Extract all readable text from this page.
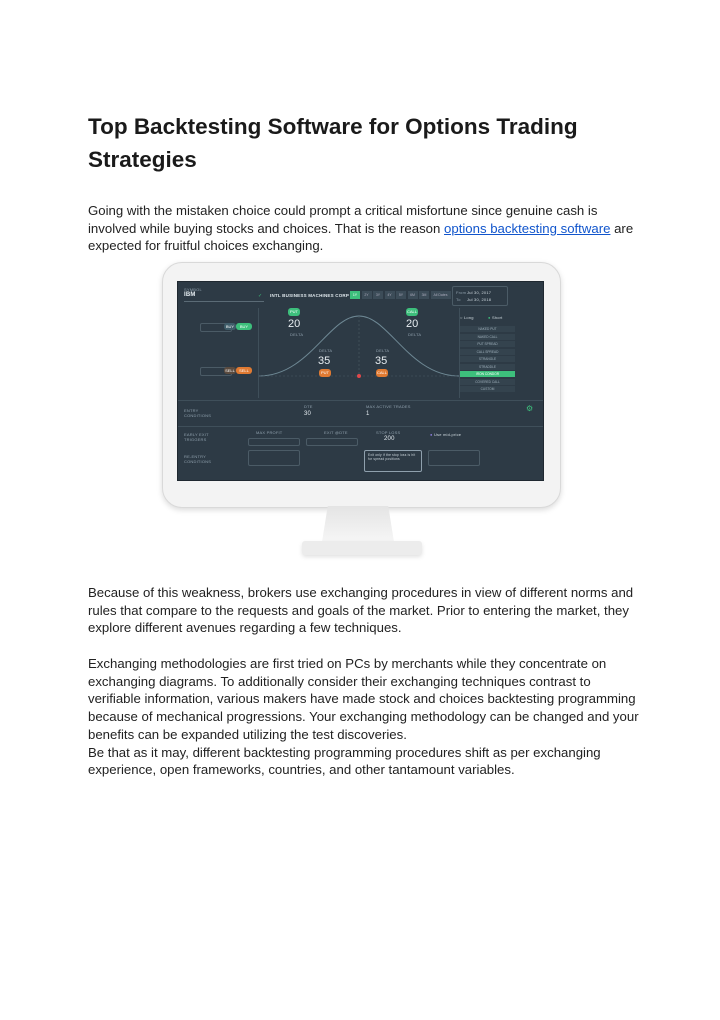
Top Backtesting Software for Options Trading Strategies

Going with the mistaken choice could prompt a critical misfortune since genuine cash is involved while buying stocks and choices. That is the reason options backtesting software are expected for fruitful choices exchanging.

SYMBOL
IBM	✓ INTL BUSINESS MACHINES CORP	1Y	2Y	3Y	4Y	5Y	6M	3M	All Dates	From Jul 30, 2017
To Jul 30, 2018
BUY	BUY
SELL	SELL
PUT
20
DELTA
CALL
20
DELTA
DELTA
35
PUT
DELTA
35
CALL
○ Long	● Short
NAKED PUT
NAKED CALL
PUT SPREAD
CALL SPREAD
STRANGLE
STRADDLE
IRON CONDOR
COVERED CALL
CUSTOM
ENTRY CONDITIONS
DTE
30
MAX ACTIVE TRADES
1
⚙
EARLY EXIT TRIGGERS
RE-ENTRY CONDITIONS
MAX PROFIT	EXIT @DTE	STOP LOSS
200
Exit only if the stop loss is hit for spread positions
● Use mid-price

Because of this weakness, brokers use exchanging procedures in view of different norms and rules that compare to the requests and goals of the market. Prior to entering the market, they explore different avenues regarding a few techniques.

Exchanging methodologies are first tried on PCs by merchants while they concentrate on exchanging diagrams. To additionally consider their exchanging techniques contrast to verifiable information, various makers have made stock and choices backtesting programming because of mechanical progressions. Your exchanging methodology can be changed and your benefits can be expanded utilizing the test discoveries.
Be that as it may, different backtesting programming procedures shift as per exchanging experience, open frameworks, countries, and other tantamount variables.
